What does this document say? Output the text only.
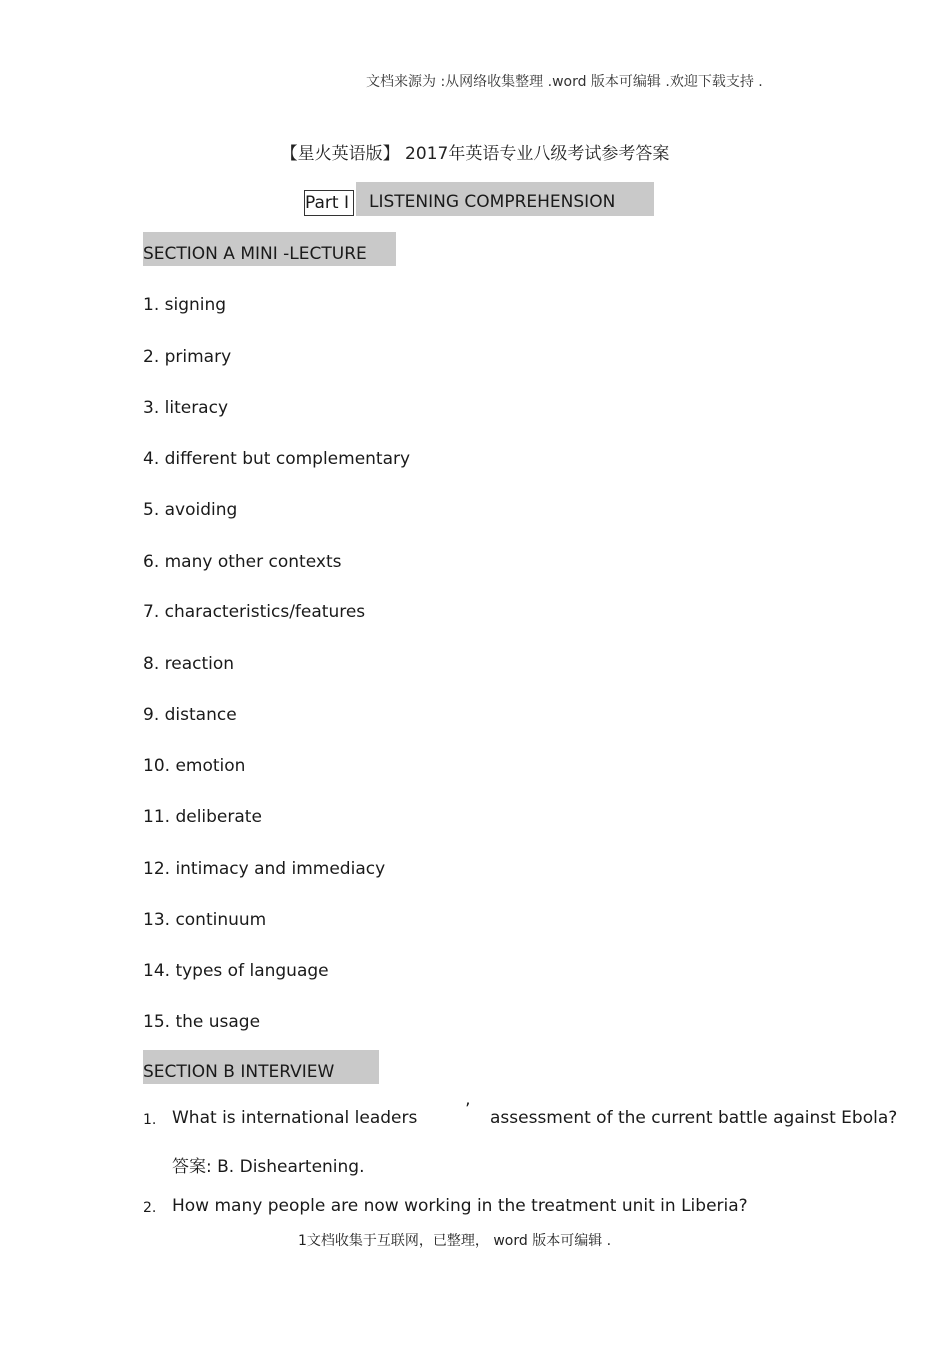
文档来源为 :从网络收集整理 .word 版本可编辑 .欢迎下载支持 .
【星火英语版】 2017年英语专业八级考试参考答案
Part Ⅰ	LISTENING COMPREHENSION
SECTION A MINI -LECTURE
1. signing
2. primary
3. literacy
4. different but complementary
5. avoiding
6. many other contexts
7. characteristics/features
8. reaction
9. distance
10. emotion
11. deliberate
12. intimacy and immediacy
13. continuum
14. types of language
15. the usage
SECTION B INTERVIEW
1. What is international leaders	’ assessment of the current battle against Ebola?
答案: B. Disheartening.
2. How many people are now working in the treatment unit in Liberia?
1文档收集于互联网，已整理， word 版本可编辑 .
